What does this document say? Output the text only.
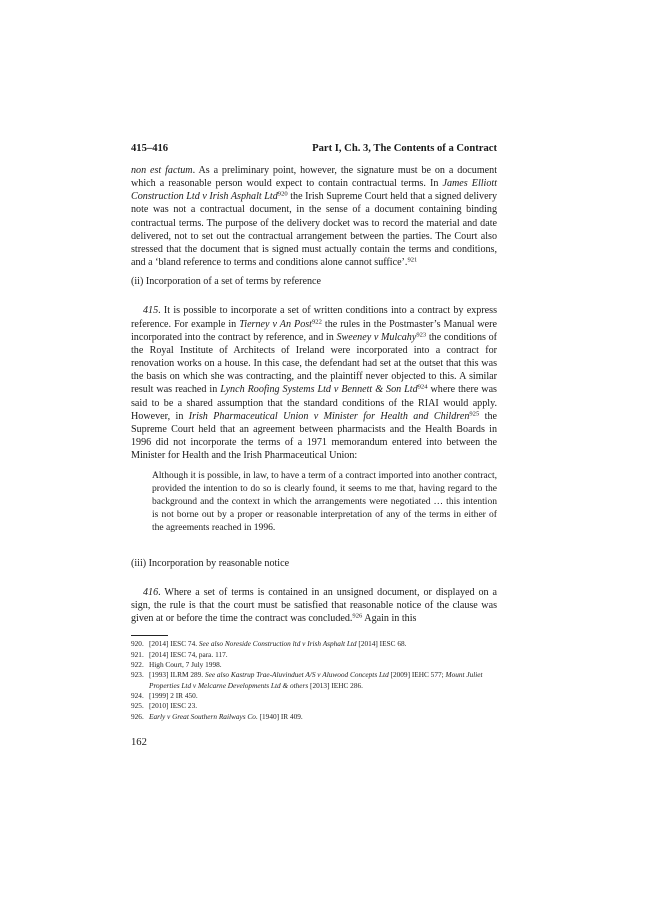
415–416	Part I, Ch. 3, The Contents of a Contract

non est factum. As a preliminary point, however, the signature must be on a document which a reasonable person would expect to contain contractual terms. In James Elliott Construction Ltd v Irish Asphalt Ltd$^{920}$ the Irish Supreme Court held that a signed delivery note was not a contractual document, in the sense of a document containing binding contractual terms. The purpose of the delivery docket was to record the material and date delivered, not to set out the contractual arrangement between the parties. The Court also stressed that the document that is signed must actually contain the terms and conditions, and a ‘bland reference to terms and conditions alone cannot suffice’.$^{921}$

(ii) Incorporation of a set of terms by reference

415. It is possible to incorporate a set of written conditions into a contract by express reference. For example in Tierney v An Post$^{922}$ the rules in the Postmaster’s Manual were incorporated into the contract by reference, and in Sweeney v Mulcahy$^{923}$ the conditions of the Royal Institute of Architects of Ireland were incorporated into a contract for renovation works on a house. In this case, the defendant had set at the outset that this was the basis on which she was contracting, and the plaintiff never objected to this. A similar result was reached in Lynch Roofing Systems Ltd v Bennett & Son Ltd$^{924}$ where there was said to be a shared assumption that the standard conditions of the RIAI would apply. However, in Irish Pharmaceutical Union v Minister for Health and Children$^{925}$ the Supreme Court held that an agreement between pharmacists and the Health Boards in 1996 did not incorporate the terms of a 1971 memorandum entered into between the Minister for Health and the Irish Pharmaceutical Union:

Although it is possible, in law, to have a term of a contract imported into another contract, provided the intention to do so is clearly found, it seems to me that, having regard to the background and the context in which the arrangements were negotiated … this intention is not borne out by a proper or reasonable interpretation of any of the terms in either of the agreements reached in 1996.

(iii) Incorporation by reasonable notice

416. Where a set of terms is contained in an unsigned document, or displayed on a sign, the rule is that the court must be satisfied that reasonable notice of the clause was given at or before the time the contract was concluded.$^{926}$ Again in this

920. [2014] IESC 74. See also Noreside Construction ltd v Irish Asphalt Ltd [2014] IESC 68.
921. [2014] IESC 74, para. 117.
922. High Court, 7 July 1998.
923. [1993] ILRM 289. See also Kastrup Trae-Aluvinduet A/S v Aluwood Concepts Ltd [2009] IEHC 577; Mount Juliet Properties Ltd v Melcarne Developments Ltd & others [2013] IEHC 286.
924. [1999] 2 IR 450.
925. [2010] IESC 23.
926. Early v Great Southern Railways Co. [1940] IR 409.
162
